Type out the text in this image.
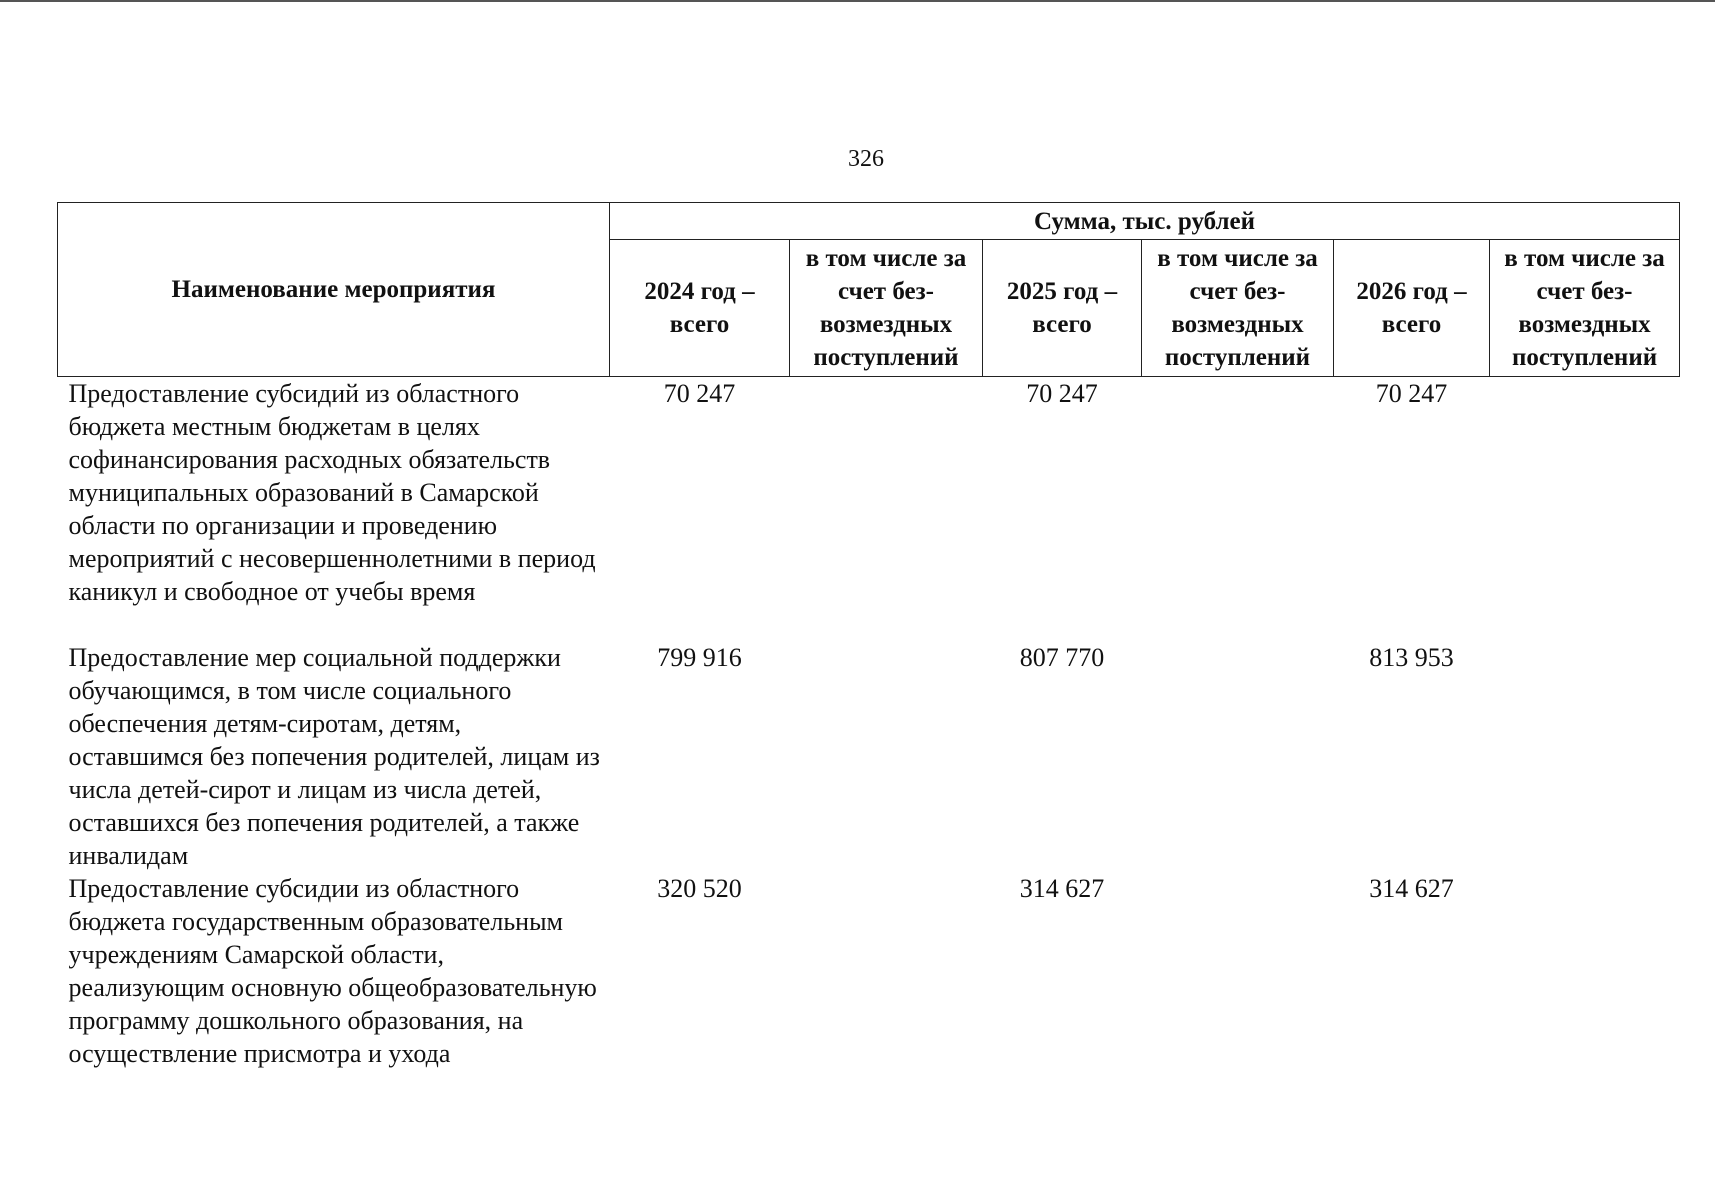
326
Наименование мероприятия	Сумма, тыс. рублей					
	2024 год – всего	в том числе за счет без-возмездных поступлений	2025 год – всего	в том числе за счет без-возмездных поступлений	2026 год – всего	в том числе за счет без-возмездных поступлений
Предоставление субсидий из областного бюджета местным бюджетам в целях софинансирования расходных обязательств муниципальных образований в Самарской области по организации и проведению мероприятий с несовершеннолетними в период каникул и свободное от учебы время	70 247		70 247		70 247	
Предоставление мер социальной поддержки обучающимся, в том числе социального обеспечения детям-сиротам, детям, оставшимся без попечения родителей, лицам из числа детей-сирот и лицам из числа детей, оставшихся без попечения родителей, а также инвалидам	799 916		807 770		813 953	
Предоставление субсидии из областного бюджета государственным образовательным учреждениям Самарской области, реализующим основную общеобразовательную программу дошкольного образования, на осуществление присмотра и ухода	320 520		314 627		314 627	
